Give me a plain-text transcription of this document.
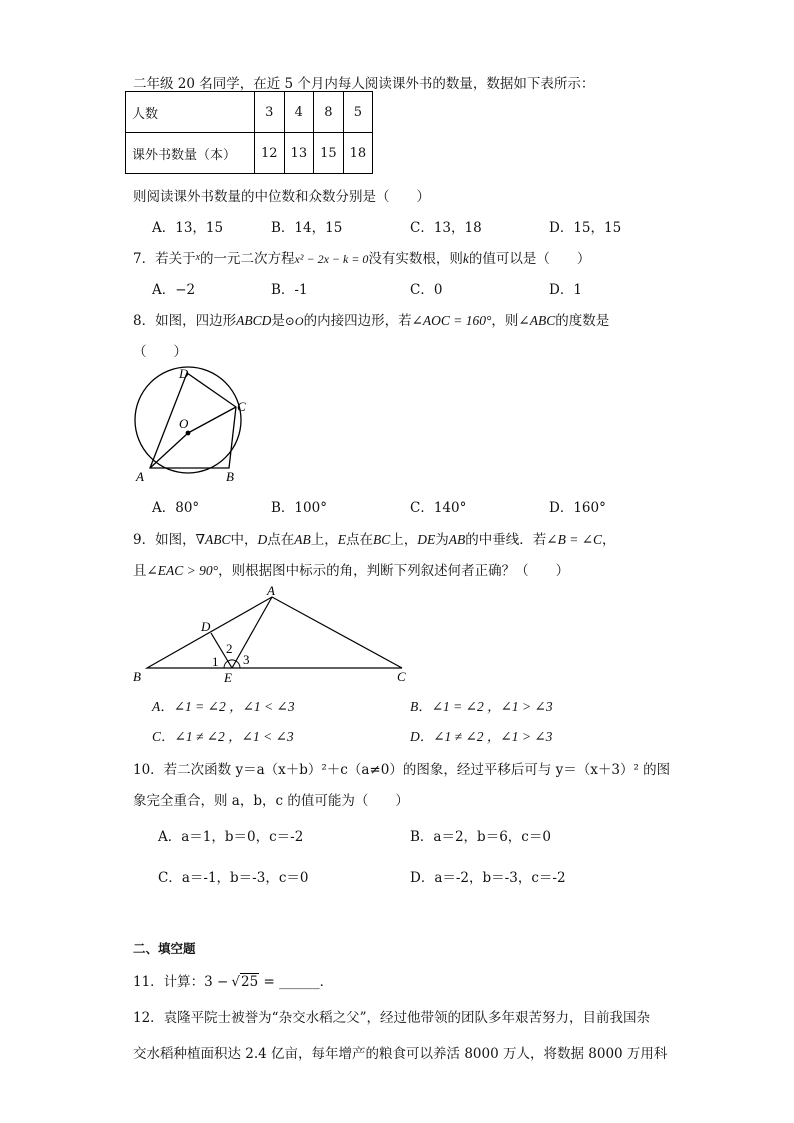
二年级 20 名同学，在近 5 个月内每人阅读课外书的数量，数据如下表所示：
人数	3	4	8	5
课外书数量（本）	12	13	15	18
则阅读课外书数量的中位数和众数分别是（　　）
A．13，15	B．14，15	C．13，18	D．15，15
7．若关于$^x$的一元二次方程x² − 2x − k = 0没有实数根，则k的值可以是（　　）
A．−2	B．-1	C．0	D．1
8．如图，四边形ABCD是⊙O的内接四边形，若∠AOC = 160°，则∠ABC的度数是
（　　）
D
C
O
A	B
A．80°	B．100°	C．140°	D．160°
9．如图，∇ABC中，D点在AB上，E点在BC上，DE为AB的中垂线．若∠B = ∠C，
且∠EAC > 90°，则根据图中标示的角，判断下列叙述何者正确？（　　）
A
D
B	E	C
1
2
3
A．∠1 = ∠2 ，∠1 < ∠3	B．∠1 = ∠2 ，∠1 > ∠3
C．∠1 ≠ ∠2 ，∠1 < ∠3	D．∠1 ≠ ∠2 ，∠1 > ∠3
10．若二次函数 y＝a（x＋b）²＋c（a≠0）的图象，经过平移后可与 y＝（x＋3）² 的图
象完全重合，则 a，b，c 的值可能为（　　）
A．a＝1，b＝0，c＝-2	B．a＝2，b＝6，c＝0
C．a＝-1，b＝-3，c＝0	D．a＝-2，b＝-3，c＝-2
二、填空题
11．计算：3 − √25 = ______．
12．袁隆平院士被誉为“杂交水稻之父”，经过他带领的团队多年艰苦努力，目前我国杂
交水稻种植面积达 2.4 亿亩，每年增产的粮食可以养活 8000 万人，将数据 8000 万用科
